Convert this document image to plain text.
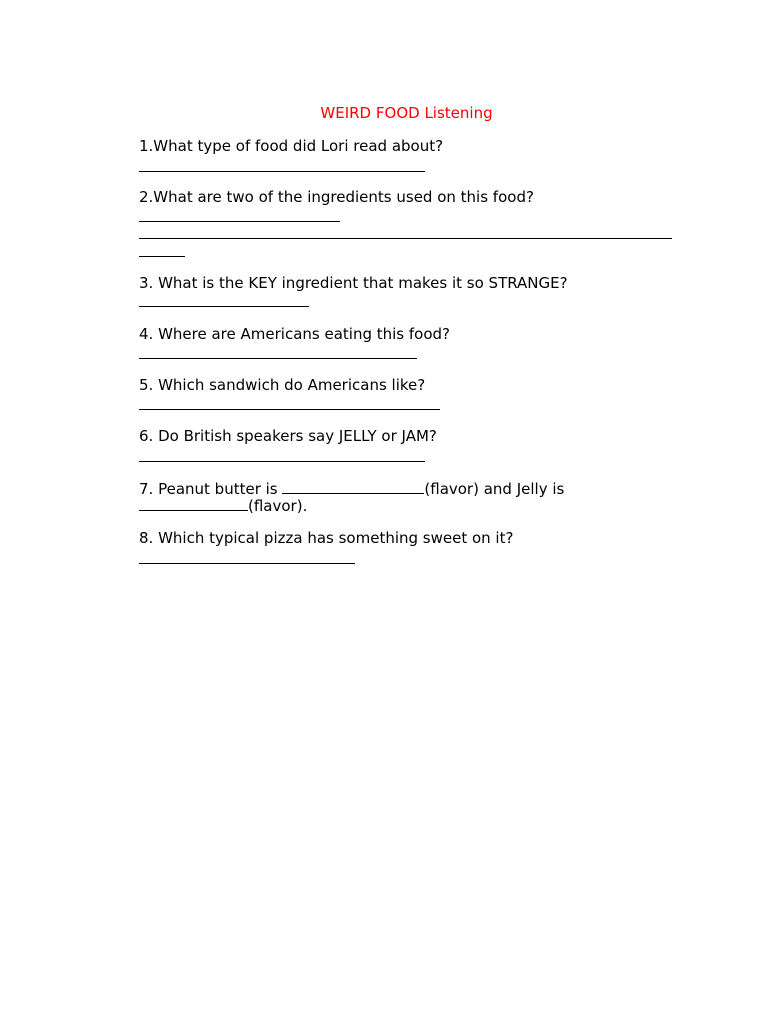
WEIRD FOOD Listening
1.What type of food did Lori read about?
2.What are two of the ingredients used on this food?
3. What is the KEY ingredient that makes it so STRANGE?
4. Where are Americans eating this food?
5. Which sandwich do Americans like?
6. Do British speakers say JELLY or JAM?
7. Peanut butter is	(flavor) and Jelly is
(flavor).
8. Which typical pizza has something sweet on it?
